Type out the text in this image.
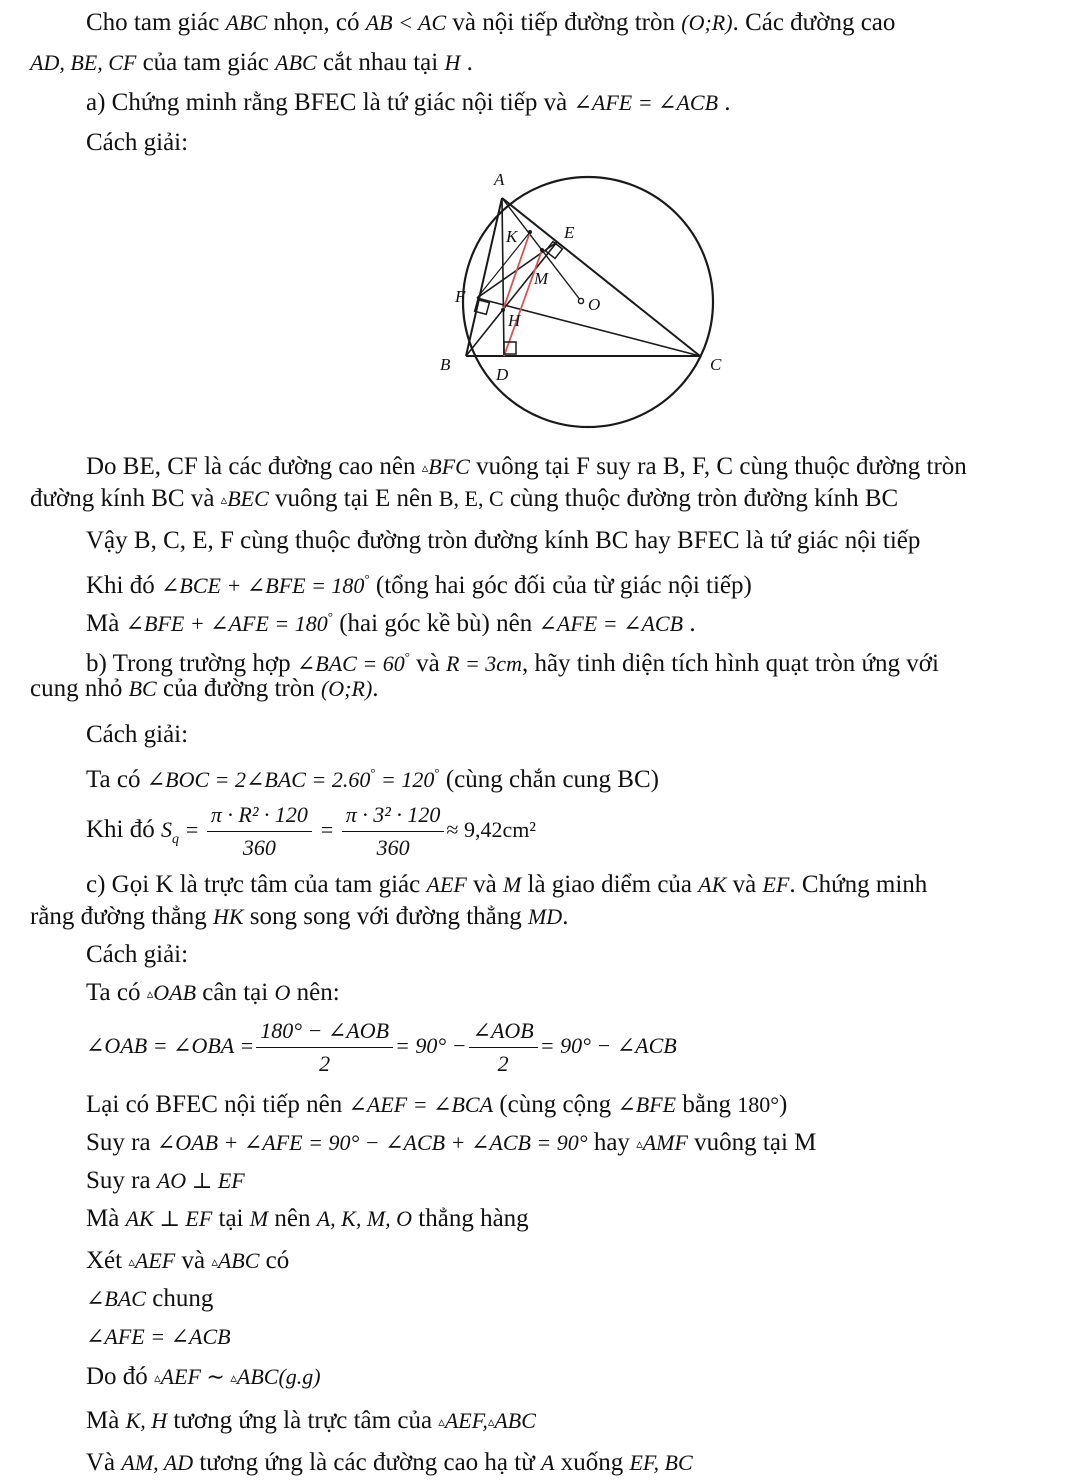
Cho tam giác ABC nhọn, có AB < AC và nội tiếp đường tròn (O;R). Các đường cao
AD, BE, CF của tam giác ABC cắt nhau tại H .
a) Chứng minh rằng BFEC là tứ giác nội tiếp và ∠AFE = ∠ACB .
Cách giải:
A
B	C
D
E
F
H
K
M
O
Do BE, CF là các đường cao nên ▵BFC vuông tại F suy ra B, F, C cùng thuộc đường tròn
đường kính BC và ▵BEC vuông tại E nên B, E, C cùng thuộc đường tròn đường kính BC
Vậy B, C, E, F cùng thuộc đường tròn đường kính BC hay BFEC là tứ giác nội tiếp
Khi đó ∠BCE + ∠BFE = 180° (tổng hai góc đối của từ giác nội tiếp)
Mà ∠BFE + ∠AFE = 180° (hai góc kề bù) nên ∠AFE = ∠ACB .
b) Trong trường hợp ∠BAC = 60° và R = 3cm, hãy tinh diện tích hình quạt tròn ứng với
cung nhỏ BC của đường tròn (O;R).
Cách giải:
Ta có ∠BOC = 2∠BAC = 2.60° = 120° (cùng chắn cung BC)
Khi đó $S_q = \frac{\text{π · R² · 120}}{360} = \frac{\text{π · 3² · 120}}{360} \approx 9,42cm^2$
c) Gọi K là trực tâm của tam giác AEF và M là giao diểm của AK và EF. Chứng minh
rằng đường thẳng HK song song với đường thẳng MD.
Cách giải:
Ta có ▵OAB cân tại O nên:
∠OAB = ∠OBA = $\frac{\text{180° − ∠AOB}}{2} = 90^\circ - \frac{\text{∠AOB}}{2} = 90^\circ$ − ∠ACB
Lại có BFEC nội tiếp nên ∠AEF = ∠BCA (cùng cộng ∠BFE bằng 180°)
Suy ra ∠OAB + ∠AFE = 90° − ∠ACB + ∠ACB = 90° hay ▵AMF vuông tại M
Suy ra AO ⊥ EF
Mà AK ⊥ EF tại M nên A, K, M, O thẳng hàng
Xét ▵AEF và ▵ABC có
∠BAC chung
∠AFE = ∠ACB
Do đó ▵AEF ∼ ▵ABC(g.g)
Mà K, H tương ứng là trực tâm của ▵AEF,▵ABC
Và AM, AD tương ứng là các đường cao hạ từ A xuống EF, BC
